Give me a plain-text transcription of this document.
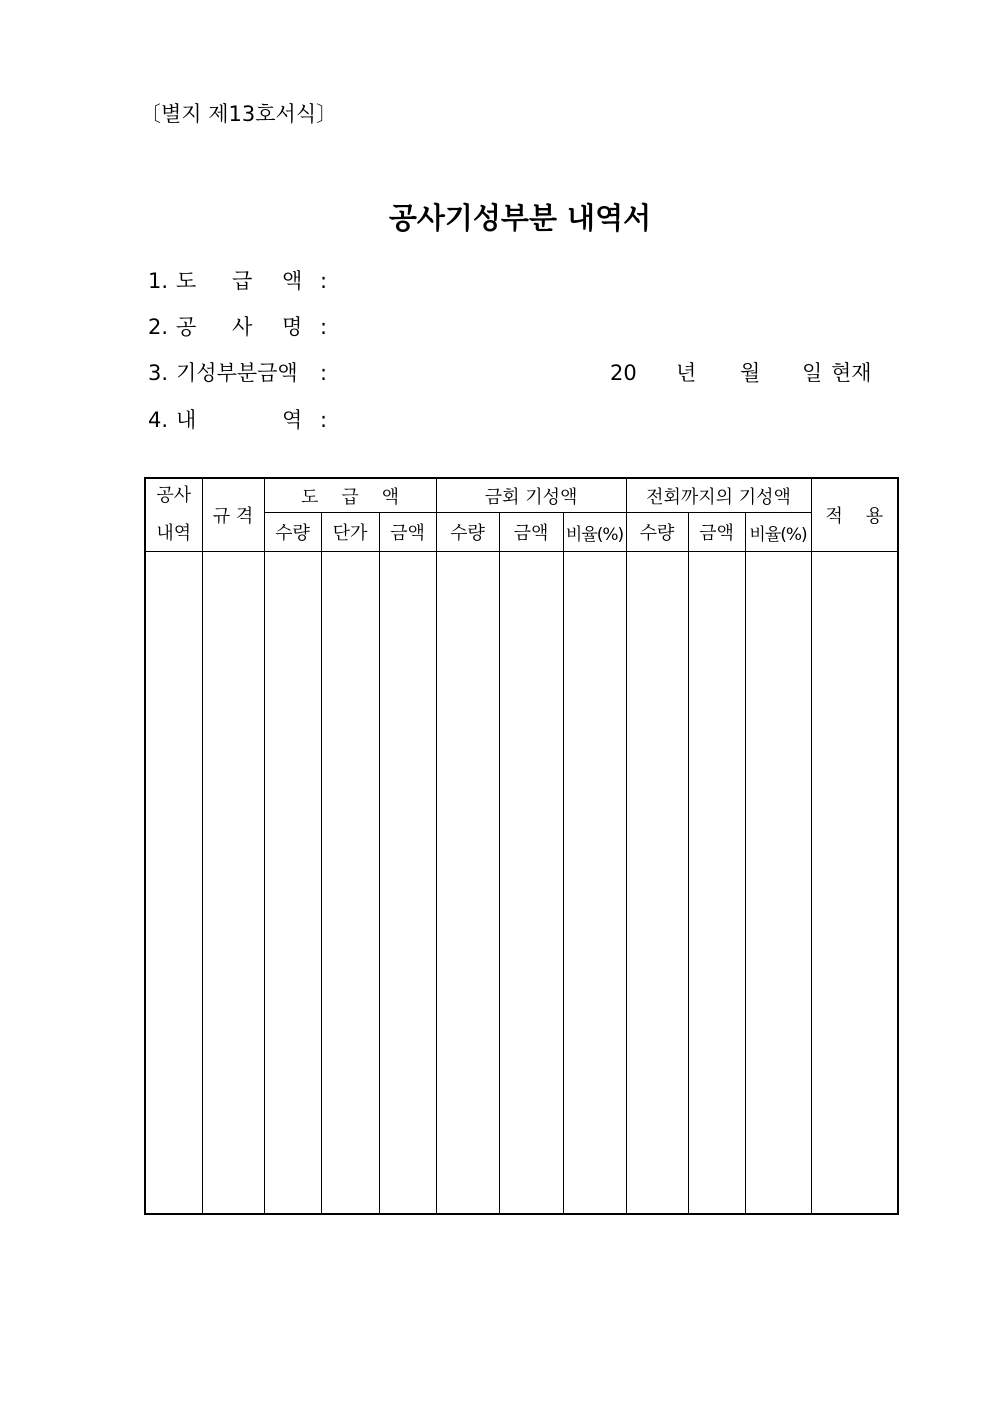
〔별지 제13호서식〕
공사기성부분 내역서
1. 도 급 액 :
2. 공 사 명 :
3. 기성부분금액 :	20 년 월 일 현재
4. 내	역 :
공사
내역	규 격	도    급    액			금회 기성액			전회까지의 기성액			적    용
		수량	단가	금액	수량	금액	비율(%)	수량	금액	비율(%)	
